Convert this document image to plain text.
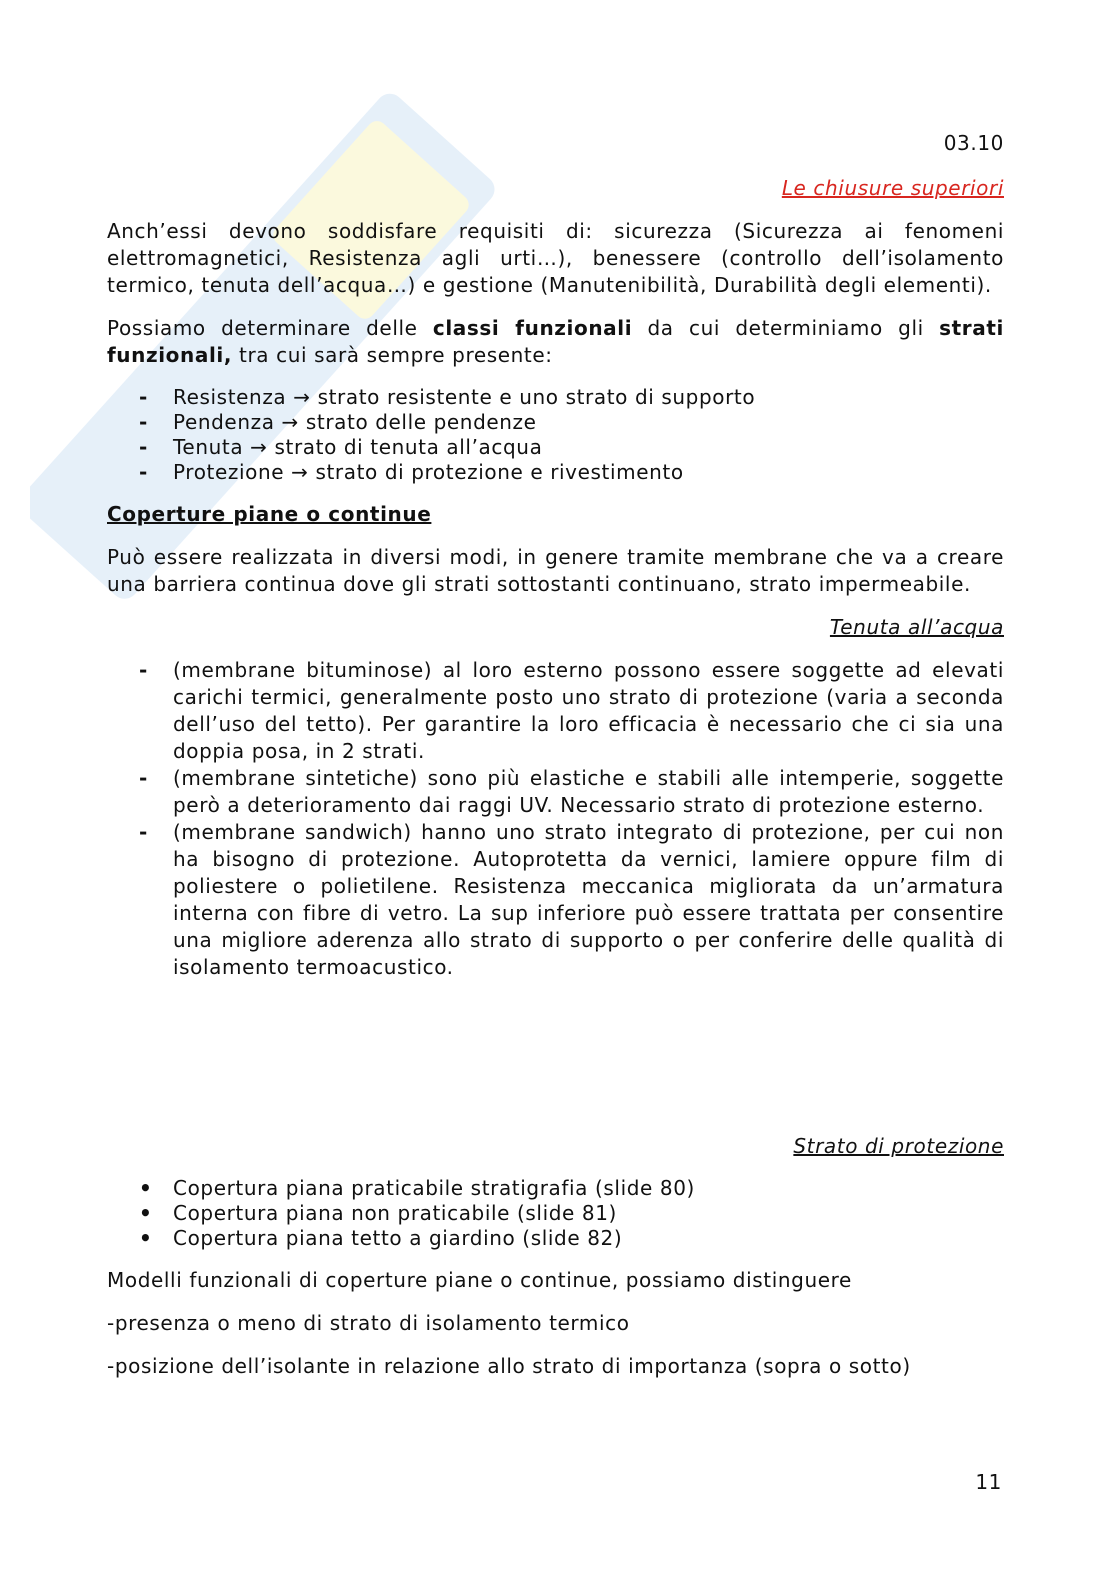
03.10
Le chiusure superiori

Anch’essi devono soddisfare requisiti di: sicurezza (Sicurezza ai fenomeni elettromagnetici, Resistenza agli urti…), benessere (controllo dell’isolamento termico, tenuta dell’acqua…) e gestione (Manutenibilità, Durabilità degli elementi).

Possiamo determinare delle classi funzionali da cui determiniamo gli strati funzionali, tra cui sarà sempre presente:

- Resistenza → strato resistente e uno strato di supporto
- Pendenza → strato delle pendenze
- Tenuta → strato di tenuta all’acqua
- Protezione → strato di protezione e rivestimento
Coperture piane o continue

Può essere realizzata in diversi modi, in genere tramite membrane che va a creare una barriera continua dove gli strati sottostanti continuano, strato impermeabile.

Tenuta all’acqua
- (membrane bituminose) al loro esterno possono essere soggette ad elevati carichi termici, generalmente posto uno strato di protezione (varia a seconda dell’uso del tetto). Per garantire la loro efficacia è necessario che ci sia una doppia posa, in 2 strati.
- (membrane sintetiche) sono più elastiche e stabili alle intemperie, soggette però a deterioramento dai raggi UV. Necessario strato di protezione esterno.
- (membrane sandwich) hanno uno strato integrato di protezione, per cui non ha bisogno di protezione. Autoprotetta da vernici, lamiere oppure film di poliestere o polietilene. Resistenza meccanica migliorata da un’armatura interna con fibre di vetro. La sup inferiore può essere trattata per consentire una migliore aderenza allo strato di supporto o per conferire delle qualità di isolamento termoacustico.
Strato di protezione
• Copertura piana praticabile stratigrafia (slide 80)
• Copertura piana non praticabile (slide 81)
• Copertura piana tetto a giardino (slide 82)

Modelli funzionali di coperture piane o continue, possiamo distinguere

-presenza o meno di strato di isolamento termico

-posizione dell’isolante in relazione allo strato di importanza (sopra o sotto)

11
